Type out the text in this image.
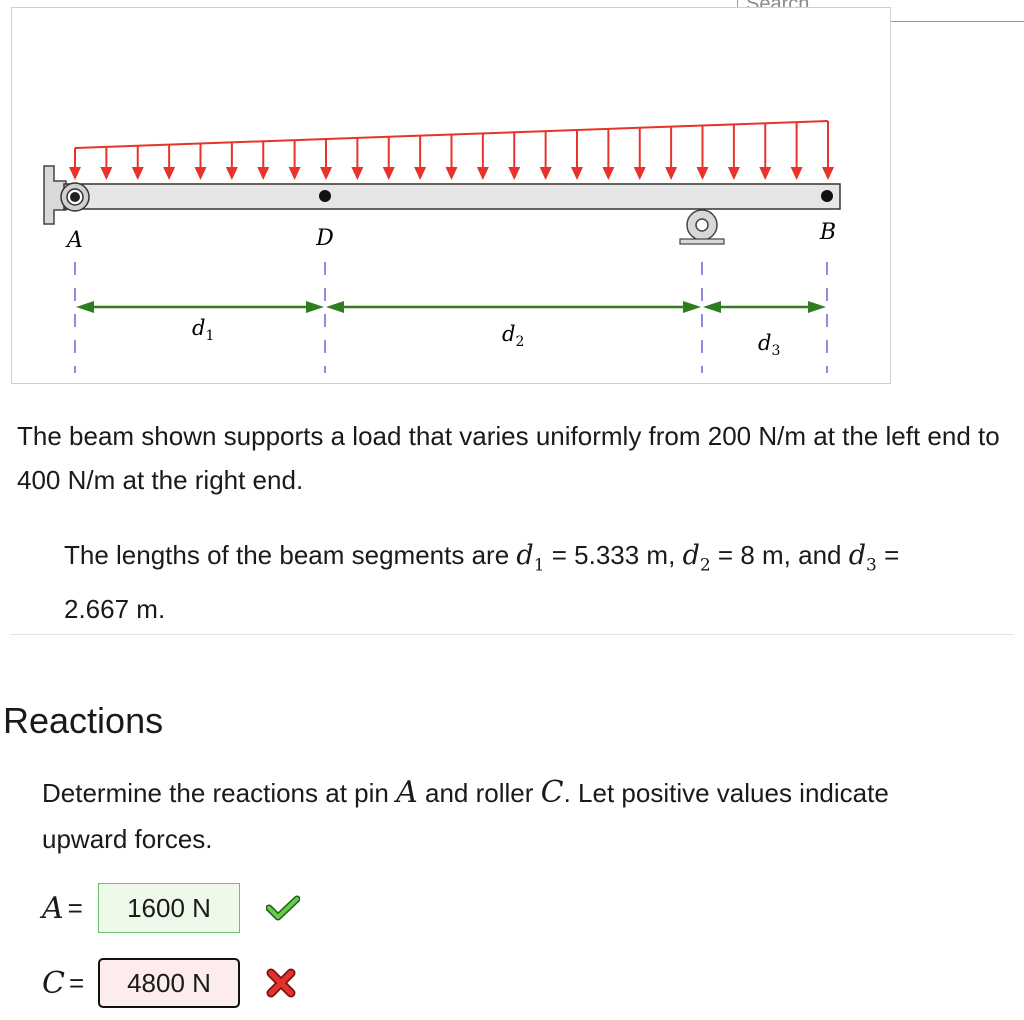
A	D	B
$d_1$	$d_2$	$d_3$
The beam shown supports a load that varies uniformly from 200 N/m at the left end to 400 N/m at the right end.
The lengths of the beam segments are $d_1 = 5.333$ m, $d_2 = 8$ m, and $d_3$ =
2.667 m.
Reactions
Determine the reactions at pin A and roller C. Let positive values indicate upward forces.
A =	1600 N
C =	4800 N
